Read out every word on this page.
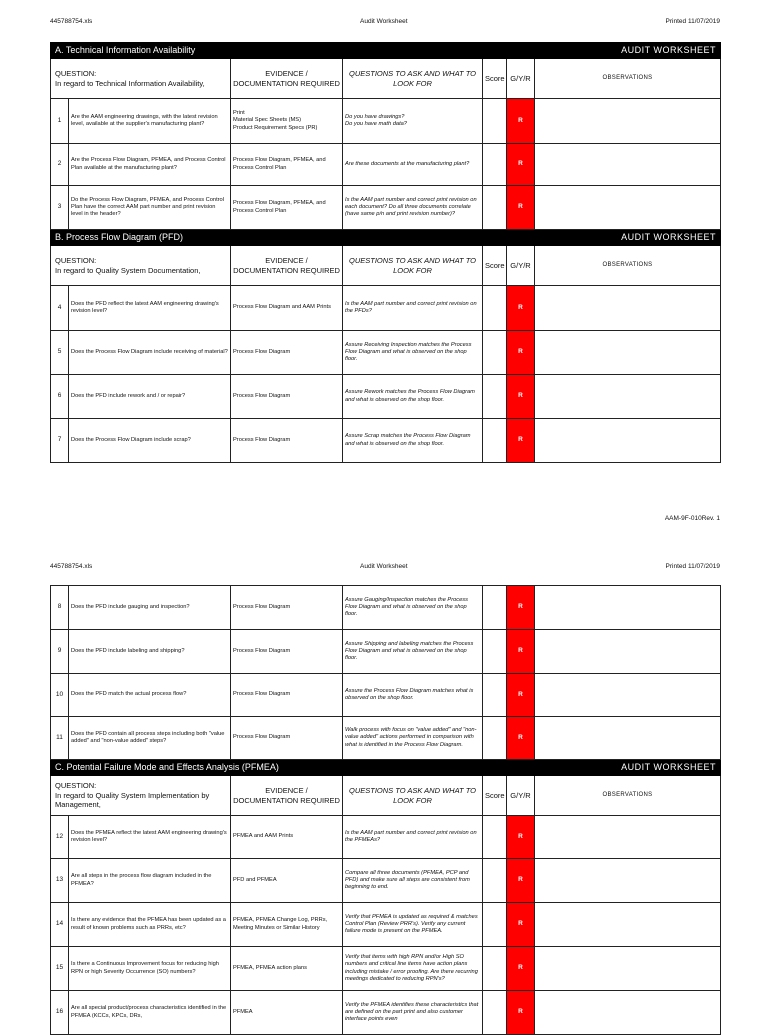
445788754.xls	Audit Worksheet	Printed 11/07/2019
A. Technical Information Availability						AUDIT WORKSHEET
QUESTION:
In regard to Technical Information Availability,		EVIDENCE / DOCUMENTATION REQUIRED	QUESTIONS TO ASK AND WHAT TO LOOK FOR	Score	G/Y/R	OBSERVATIONS
1	Are the AAM engineering drawings, with the latest revision level, available at the supplier's manufacturing plant?	Print
Material Spec Sheets (MS)
Product Requirement Specs (PR)	Do you have drawings?
Do you have math data?		R	
2	Are the Process Flow Diagram, PFMEA, and Process Control Plan available at the manufacturing plant?	Process Flow Diagram, PFMEA, and Process Control Plan	Are these documents at the manufacturing plant?		R	
3	Do the Process Flow Diagram, PFMEA, and Process Control Plan have the correct AAM part number and print revision level in the header?	Process Flow Diagram, PFMEA, and Process Control Plan	Is the AAM part number and correct print revision on each document? Do all three documents correlate (have same p/n and print revision number)?		R	
B. Process Flow Diagram (PFD)						AUDIT WORKSHEET
QUESTION:
In regard to Quality System Documentation,		EVIDENCE / DOCUMENTATION REQUIRED	QUESTIONS TO ASK AND WHAT TO LOOK FOR	Score	G/Y/R	OBSERVATIONS
4	Does the PFD reflect the latest AAM engineering drawing's revision level?	Process Flow Diagram and AAM Prints	Is the AAM part number and correct print revision on the PFDs?		R	
5	Does the Process Flow Diagram include receiving of material?	Process Flow Diagram	Assure Receiving Inspection matches the Process Flow Diagram and what is observed on the shop floor.		R	
6	Does the PFD include rework and / or repair?	Process Flow Diagram	Assure Rework matches the Process Flow Diagram and what is observed on the shop floor.		R	
7	Does the Process Flow Diagram include scrap?	Process Flow Diagram	Assure Scrap matches the Process Flow Diagram and what is observed on the shop floor.		R	
AAM-9F-010Rev. 1
445788754.xls	Audit Worksheet	Printed 11/07/2019
8	Does the PFD include gauging and inspection?	Process Flow Diagram	Assure Gauging/Inspection matches the Process Flow Diagram and what is observed on the shop floor.		R	
9	Does the PFD include labeling and shipping?	Process Flow Diagram	Assure Shipping and labeling matches the Process Flow Diagram and what is observed on the shop floor.		R	
10	Does the PFD match the actual process flow?	Process Flow Diagram	Assure the Process Flow Diagram matches what is observed on the shop floor.		R	
11	Does the PFD contain all process steps including both "value added" and "non-value added" steps?	Process Flow Diagram	Walk process with focus on "value added" and "non-value added" actions performed in comparison with what is identified in the Process Flow Diagram.		R	
C. Potential Failure Mode and Effects Analysis (PFMEA)						AUDIT WORKSHEET
QUESTION:
In regard to Quality System Implementation by Management,		EVIDENCE / DOCUMENTATION REQUIRED	QUESTIONS TO ASK AND WHAT TO LOOK FOR	Score	G/Y/R	OBSERVATIONS
12	Does the PFMEA reflect the latest AAM engineering drawing's revision level?	PFMEA and AAM Prints	Is the AAM part number and correct print revision on the PFMEAs?		R	
13	Are all steps in the process flow diagram included in the PFMEA?	PFD and PFMEA	Compare all three documents (PFMEA, PCP and PFD) and make sure all steps are consistent from beginning to end.		R	
14	Is there any evidence that the PFMEA has been updated as a result of known problems such as PRRs, etc?	PFMEA, PFMEA Change Log, PRRs, Meeting Minutes or Similar History	Verify that PFMEA is updated as required & matches Control Plan (Review PRR's). Verify any current failure mode is present on the PFMEA.		R	
15	Is there a Continuous Improvement focus for reducing high RPN or high Severity Occurrence (SO) numbers?	PFMEA, PFMEA action plans	Verify that items with high RPN and/or High SO numbers and critical line items have action plans including mistake / error proofing. Are there recurring meetings dedicated to reducing RPN's?		R	
16	Are all special product/process characteristics identified in the PFMEA (KCCs, KPCs, DRs,	PFMEA	Verify the PFMEA identifies these characteristics that are defined on the part print and also customer interface points even		R	
